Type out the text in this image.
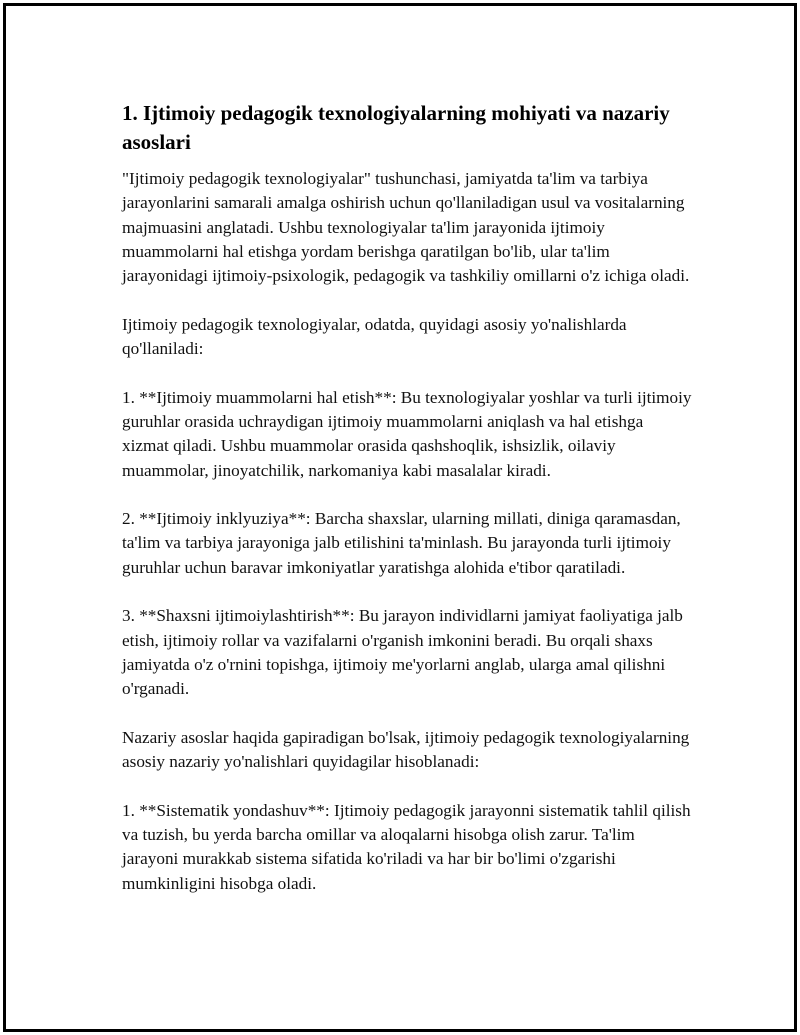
1. Ijtimoiy pedagogik texnologiyalarning mohiyati va nazariy asoslari

"Ijtimoiy pedagogik texnologiyalar" tushunchasi, jamiyatda ta'lim va tarbiya jarayonlarini samarali amalga oshirish uchun qo'llaniladigan usul va vositalarning majmuasini anglatadi. Ushbu texnologiyalar ta'lim jarayonida ijtimoiy muammolarni hal etishga yordam berishga qaratilgan bo'lib, ular ta'lim jarayonidagi ijtimoiy-psixologik, pedagogik va tashkiliy omillarni o'z ichiga oladi.

Ijtimoiy pedagogik texnologiyalar, odatda, quyidagi asosiy yo'nalishlarda qo'llaniladi:

1. **Ijtimoiy muammolarni hal etish**: Bu texnologiyalar yoshlar va turli ijtimoiy guruhlar orasida uchraydigan ijtimoiy muammolarni aniqlash va hal etishga xizmat qiladi. Ushbu muammolar orasida qashshoqlik, ishsizlik, oilaviy muammolar, jinoyatchilik, narkomaniya kabi masalalar kiradi.

2. **Ijtimoiy inklyuziya**: Barcha shaxslar, ularning millati, diniga qaramasdan, ta'lim va tarbiya jarayoniga jalb etilishini ta'minlash. Bu jarayonda turli ijtimoiy guruhlar uchun baravar imkoniyatlar yaratishga alohida e'tibor qaratiladi.

3. **Shaxsni ijtimoiylashtirish**: Bu jarayon individlarni jamiyat faoliyatiga jalb etish, ijtimoiy rollar va vazifalarni o'rganish imkonini beradi. Bu orqali shaxs jamiyatda o'z o'rnini topishga, ijtimoiy me'yorlarni anglab, ularga amal qilishni o'rganadi.

Nazariy asoslar haqida gapiradigan bo'lsak, ijtimoiy pedagogik texnologiyalarning asosiy nazariy yo'nalishlari quyidagilar hisoblanadi:

1. **Sistematik yondashuv**: Ijtimoiy pedagogik jarayonni sistematik tahlil qilish va tuzish, bu yerda barcha omillar va aloqalarni hisobga olish zarur. Ta'lim jarayoni murakkab sistema sifatida ko'riladi va har bir bo'limi o'zgarishi mumkinligini hisobga oladi.
